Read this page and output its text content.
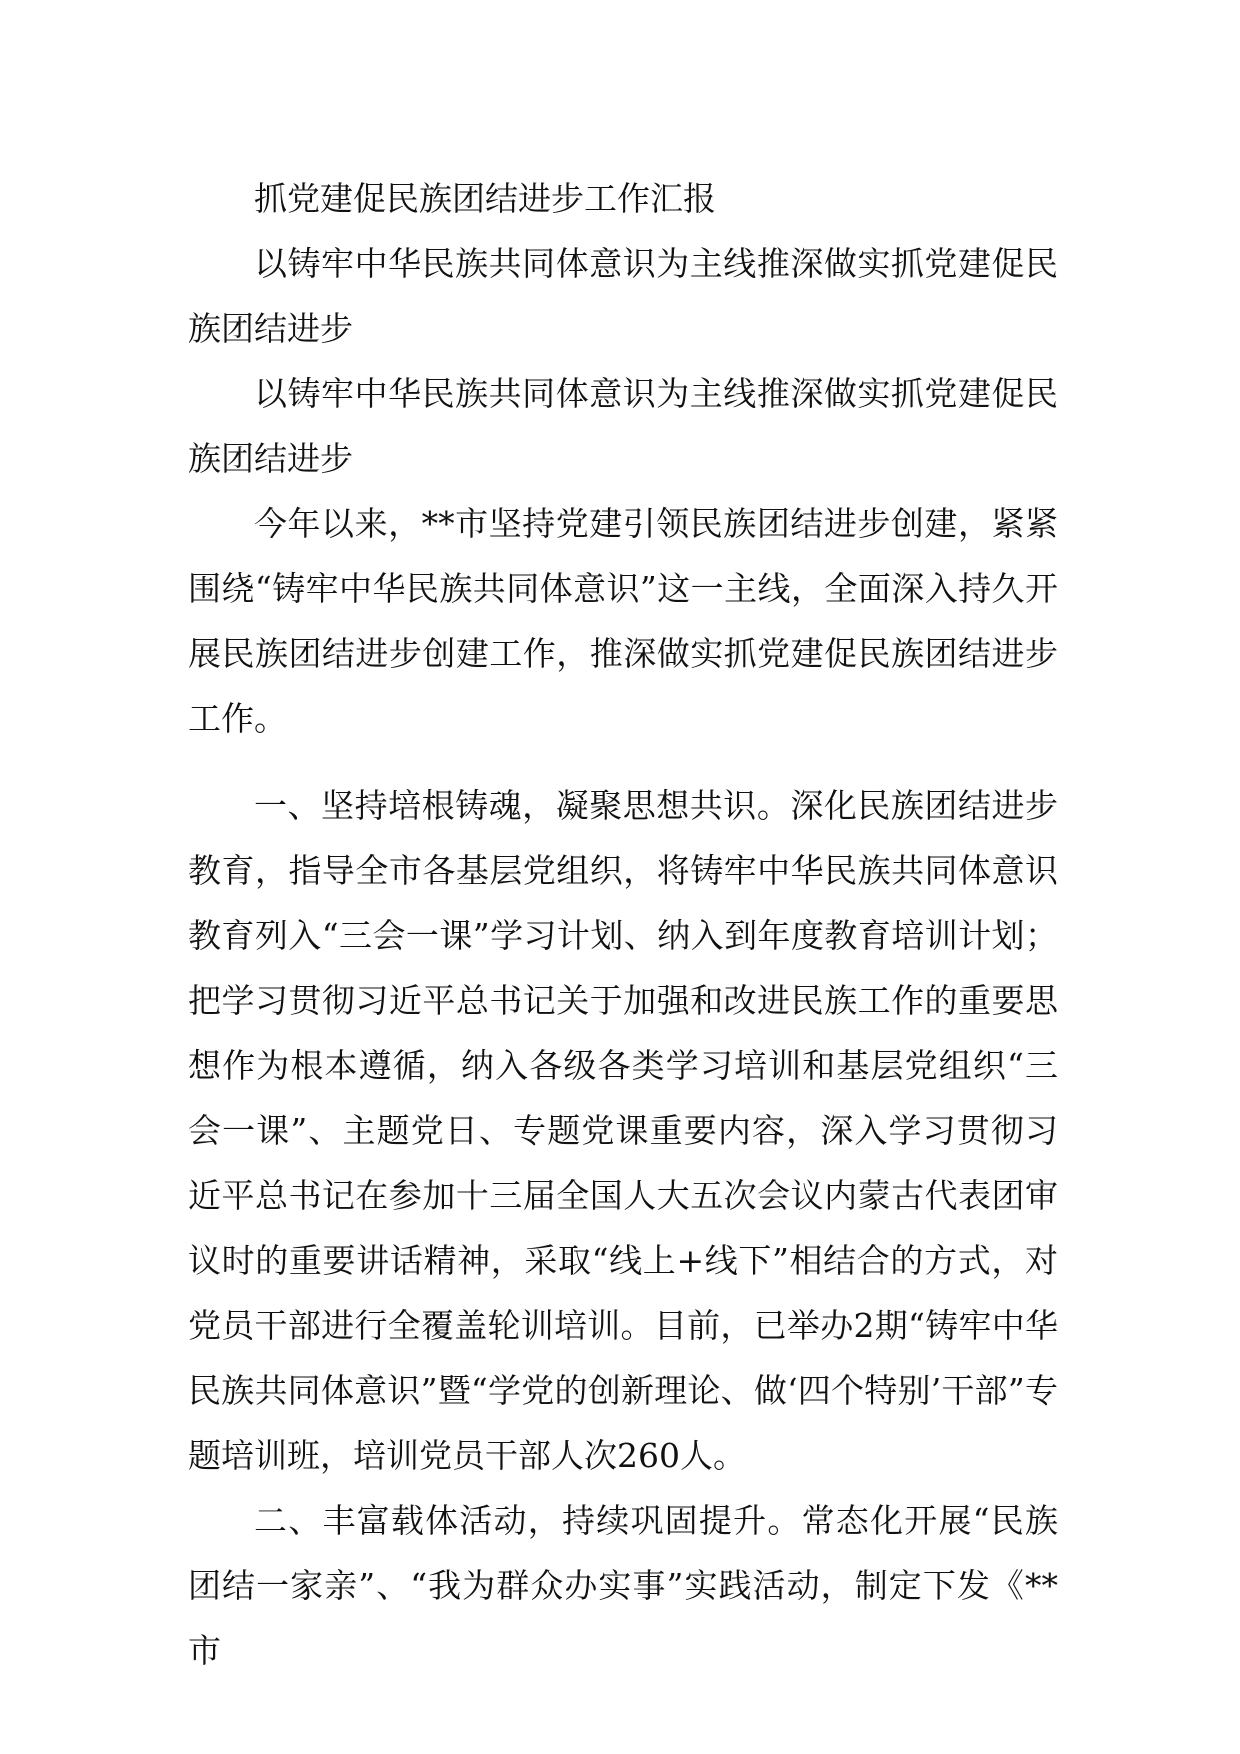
抓党建促民族团结进步工作汇报

以铸牢中华民族共同体意识为主线推深做实抓党建促民族团结进步

以铸牢中华民族共同体意识为主线推深做实抓党建促民族团结进步

今年以来，**市坚持党建引领民族团结进步创建，紧紧围绕“铸牢中华民族共同体意识”这一主线，全面深入持久开展民族团结进步创建工作，推深做实抓党建促民族团结进步工作。

一、坚持培根铸魂，凝聚思想共识。深化民族团结进步教育，指导全市各基层党组织，将铸牢中华民族共同体意识教育列入“三会一课”学习计划、纳入到年度教育培训计划；把学习贯彻习近平总书记关于加强和改进民族工作的重要思想作为根本遵循，纳入各级各类学习培训和基层党组织“三会一课”、主题党日、专题党课重要内容，深入学习贯彻习近平总书记在参加十三届全国人大五次会议内蒙古代表团审议时的重要讲话精神，采取“线上+线下”相结合的方式，对党员干部进行全覆盖轮训培训。目前，已举办2期“铸牢中华民族共同体意识”暨“学党的创新理论、做‘四个特别’干部”专题培训班，培训党员干部人次260人。

二、丰富载体活动，持续巩固提升。常态化开展“民族团结一家亲”、“我为群众办实事”实践活动，制定下发《**市
